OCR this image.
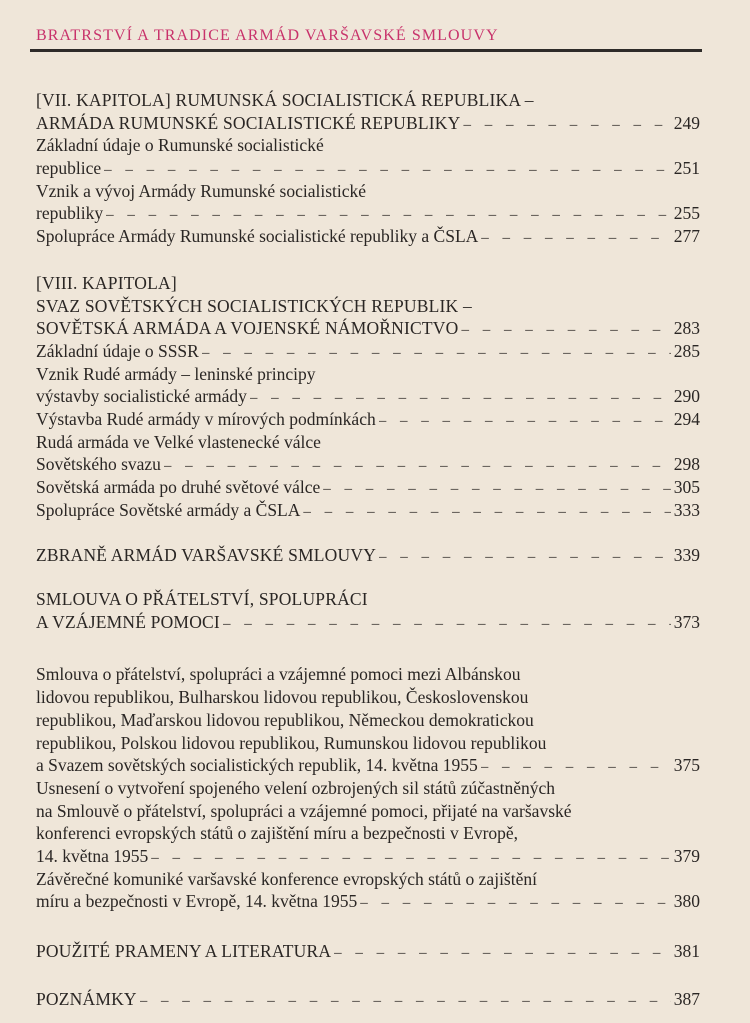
BRATRSTVÍ A TRADICE ARMÁD VARŠAVSKÉ SMLOUVY
[VII. KAPITOLA] RUMUNSKÁ SOCIALISTICKÁ REPUBLIKA –
ARMÁDA RUMUNSKÉ SOCIALISTICKÉ REPUBLIKY – – –	249
Základní údaje o Rumunské socialistické
republice – – –	251
Vznik a vývoj Armády Rumunské socialistické
republiky – – –	255
Spolupráce Armády Rumunské socialistické republiky a ČSLA – – –	277
[VIII. KAPITOLA]
SVAZ SOVĚTSKÝCH SOCIALISTICKÝCH REPUBLIK –
SOVĚTSKÁ ARMÁDA A VOJENSKÉ NÁMOŘNICTVO – – –	283
Základní údaje o SSSR – – –	285
Vznik Rudé armády – leninské principy
výstavby socialistické armády – – –	290
Výstavba Rudé armády v mírových podmínkách – – –	294
Rudá armáda ve Velké vlastenecké válce
Sovětského svazu – – –	298
Sovětská armáda po druhé světové válce – – –	305
Spolupráce Sovětské armády a ČSLA – – –	333
ZBRANĚ ARMÁD VARŠAVSKÉ SMLOUVY – – –	339
SMLOUVA O PŘÁTELSTVÍ, SPOLUPRÁCI
A VZÁJEMNÉ POMOCI – – –	373
Smlouva o přátelství, spolupráci a vzájemné pomoci mezi Albánskou
lidovou republikou, Bulharskou lidovou republikou, Československou
republikou, Maďarskou lidovou republikou, Německou demokratickou
republikou, Polskou lidovou republikou, Rumunskou lidovou republikou
a Svazem sovětských socialistických republik, 14. května 1955 – – –	375
Usnesení o vytvoření spojeného velení ozbrojených sil států zúčastněných
na Smlouvě o přátelství, spolupráci a vzájemné pomoci, přijaté na varšavské
konferenci evropských států o zajištění míru a bezpečnosti v Evropě,
14. května 1955 – – –	379
Závěrečné komuniké varšavské konference evropských států o zajištění
míru a bezpečnosti v Evropě, 14. května 1955 – – –	380
POUŽITÉ PRAMENY A LITERATURA – – –	381
POZNÁMKY – – –	387
